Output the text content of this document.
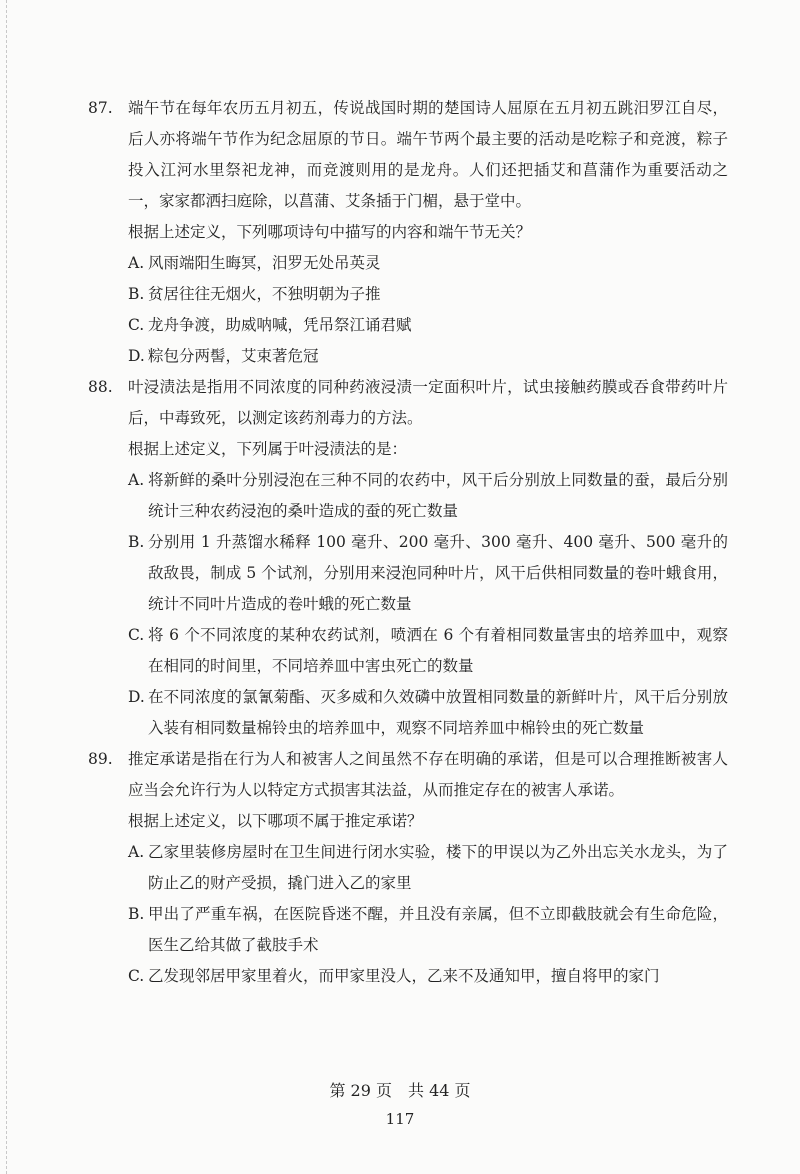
87. 端午节在每年农历五月初五，传说战国时期的楚国诗人屈原在五月初五跳汨罗江自尽，后人亦将端午节作为纪念屈原的节日。端午节两个最主要的活动是吃粽子和竞渡，粽子投入江河水里祭祀龙神，而竞渡则用的是龙舟。人们还把插艾和菖蒲作为重要活动之一，家家都洒扫庭除，以菖蒲、艾条插于门楣，悬于堂中。
根据上述定义，下列哪项诗句中描写的内容和端午节无关？
A. 风雨端阳生晦冥，汨罗无处吊英灵
B. 贫居往往无烟火，不独明朝为子推
C. 龙舟争渡，助威呐喊，凭吊祭江诵君赋
D. 粽包分两髻，艾束著危冠
88. 叶浸渍法是指用不同浓度的同种药液浸渍一定面积叶片，试虫接触药膜或吞食带药叶片后，中毒致死，以测定该药剂毒力的方法。
根据上述定义，下列属于叶浸渍法的是：
A. 将新鲜的桑叶分别浸泡在三种不同的农药中，风干后分别放上同数量的蚕，最后分别统计三种农药浸泡的桑叶造成的蚕的死亡数量
B. 分别用 1 升蒸馏水稀释 100 毫升、200 毫升、300 毫升、400 毫升、500 毫升的敌敌畏，制成 5 个试剂，分别用来浸泡同种叶片，风干后供相同数量的卷叶蛾食用，统计不同叶片造成的卷叶蛾的死亡数量
C. 将 6 个不同浓度的某种农药试剂，喷洒在 6 个有着相同数量害虫的培养皿中，观察在相同的时间里，不同培养皿中害虫死亡的数量
D. 在不同浓度的氯氰菊酯、灭多威和久效磷中放置相同数量的新鲜叶片，风干后分别放入装有相同数量棉铃虫的培养皿中，观察不同培养皿中棉铃虫的死亡数量
89. 推定承诺是指在行为人和被害人之间虽然不存在明确的承诺，但是可以合理推断被害人应当会允许行为人以特定方式损害其法益，从而推定存在的被害人承诺。
根据上述定义，以下哪项不属于推定承诺？
A. 乙家里装修房屋时在卫生间进行闭水实验，楼下的甲误以为乙外出忘关水龙头，为了防止乙的财产受损，撬门进入乙的家里
B. 甲出了严重车祸，在医院昏迷不醒，并且没有亲属，但不立即截肢就会有生命危险，医生乙给其做了截肢手术
C. 乙发现邻居甲家里着火，而甲家里没人，乙来不及通知甲，擅自将甲的家门
第 29 页　共 44 页
117
